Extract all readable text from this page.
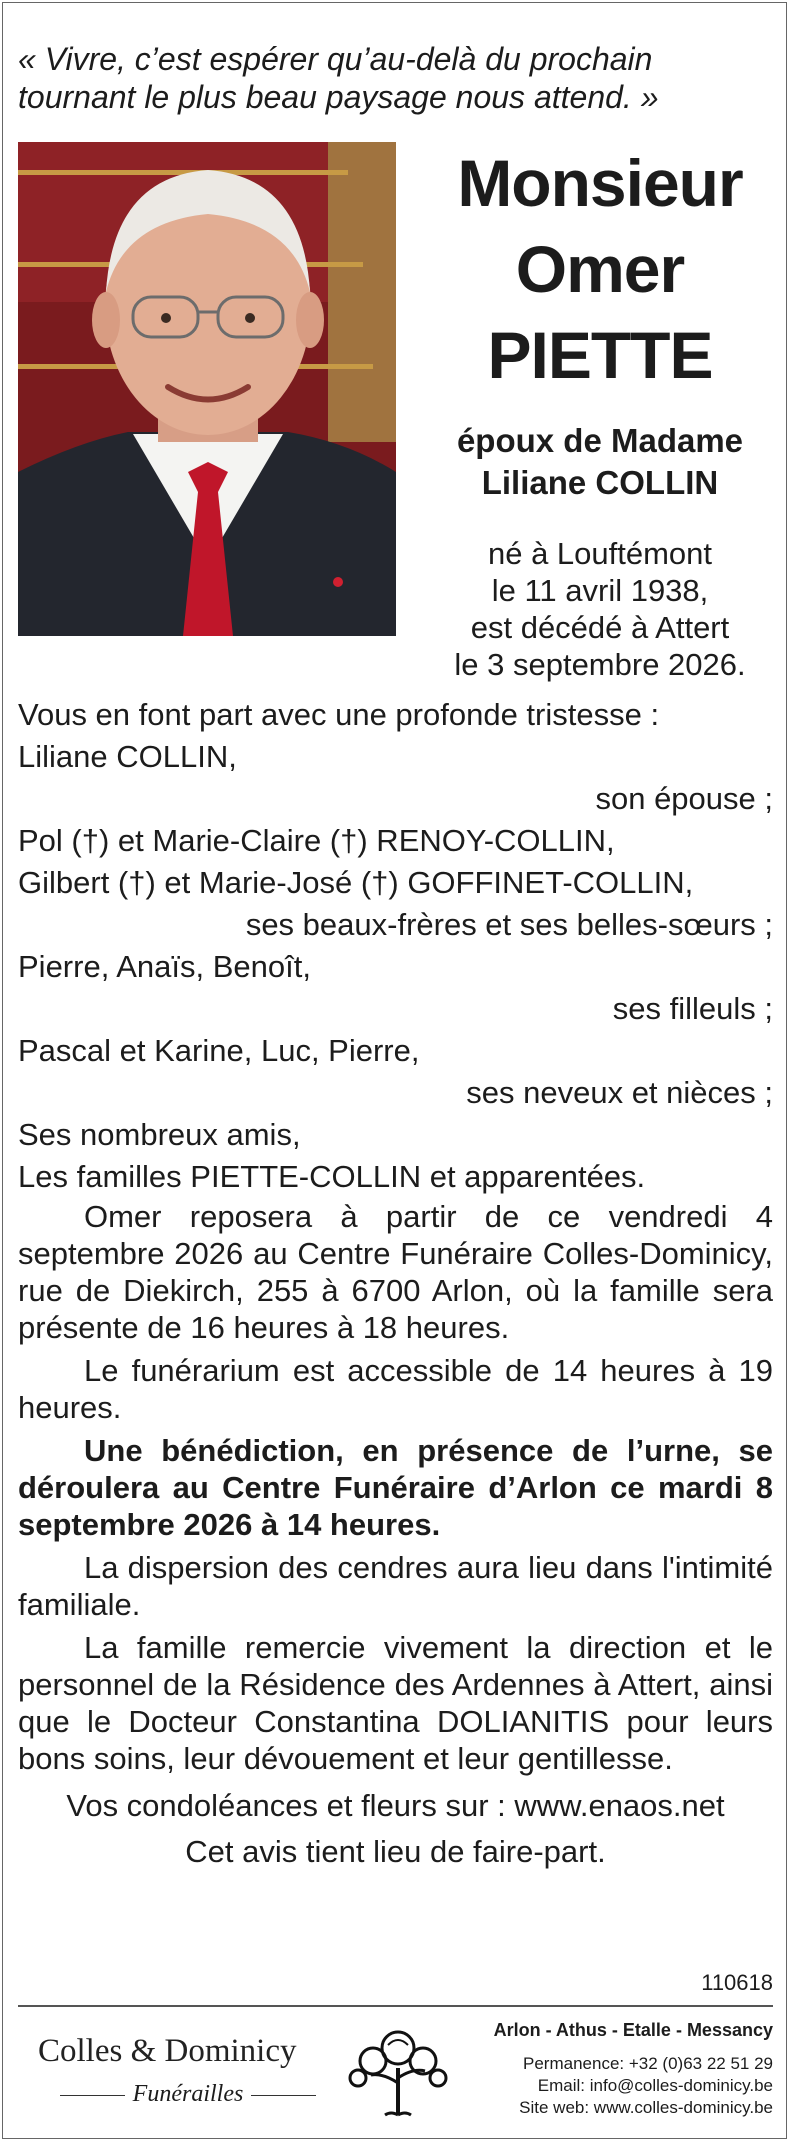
« Vivre, c’est espérer qu’au-delà du prochain tournant le plus beau paysage nous attend. »
Monsieur
Omer
PIETTE
époux de Madame
Liliane COLLIN
né à Louftémont
le 11 avril 1938,
est décédé à Attert
le 3 septembre 2026.

Vous en font part avec une profonde tristesse :

Liliane COLLIN,

son épouse ;

Pol (†) et Marie-Claire (†) RENOY-COLLIN,

Gilbert (†) et Marie-José (†) GOFFINET-COLLIN,

ses beaux-frères et ses belles-sœurs ;

Pierre, Anaïs, Benoît,

ses filleuls ;

Pascal et Karine, Luc, Pierre,

ses neveux et nièces ;

Ses nombreux amis,

Les familles PIETTE-COLLIN et apparentées.

Omer reposera à partir de ce vendredi 4 septembre 2026 au Centre Funéraire Colles-Dominicy, rue de Diekirch, 255 à 6700 Arlon, où la famille sera présente de 16 heures à 18 heures.

Le funérarium est accessible de 14 heures à 19 heures.

Une bénédiction, en présence de l’urne, se déroulera au Centre Funéraire d’Arlon ce mardi 8 septembre 2026 à 14 heures.

La dispersion des cendres aura lieu dans l'intimité familiale.

La famille remercie vivement la direction et le personnel de la Résidence des Ardennes à Attert, ainsi que le Docteur Constantina DOLIANITIS pour leurs bons soins, leur dévouement et leur gentillesse.

Vos condoléances et fleurs sur : www.enaos.net

Cet avis tient lieu de faire-part.

110618
Colles & Dominicy
Funérailles
Arlon - Athus - Etalle - Messancy
Permanence: +32 (0)63 22 51 29
Email: info@colles-dominicy.be
Site web: www.colles-dominicy.be
